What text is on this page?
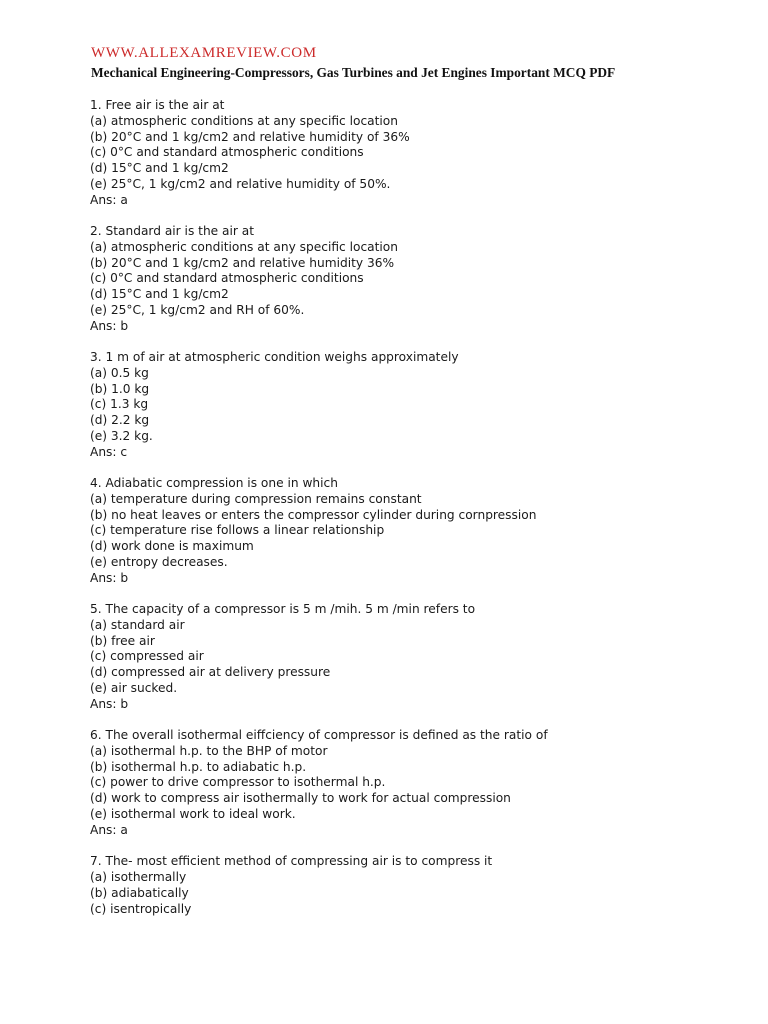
WWW.ALLEXAMREVIEW.COM
Mechanical Engineering-Compressors, Gas Turbines and Jet Engines Important MCQ PDF
1. Free air is the air at
(a) atmospheric conditions at any specific location
(b) 20°C and 1 kg/cm2 and relative humidity of 36%
(c) 0°C and standard atmospheric conditions
(d) 15°C and 1 kg/cm2
(e) 25°C, 1 kg/cm2 and relative humidity of 50%.
Ans: a
2. Standard air is the air at
(a) atmospheric conditions at any specific location
(b) 20°C and 1 kg/cm2 and relative humidity 36%
(c) 0°C and standard atmospheric conditions
(d) 15°C and 1 kg/cm2
(e) 25°C, 1 kg/cm2 and RH of 60%.
Ans: b
3. 1 m of air at atmospheric condition weighs approximately
(a) 0.5 kg
(b) 1.0 kg
(c) 1.3 kg
(d) 2.2 kg
(e) 3.2 kg.
Ans: c
4. Adiabatic compression is one in which
(a) temperature during compression remains constant
(b) no heat leaves or enters the compressor cylinder during cornpression
(c) temperature rise follows a linear relationship
(d) work done is maximum
(e) entropy decreases.
Ans: b
5. The capacity of a compressor is 5 m /mih. 5 m /min refers to
(a) standard air
(b) free air
(c) compressed air
(d) compressed air at delivery pressure
(e) air sucked.
Ans: b
6. The overall isothermal eiffciency of compressor is defined as the ratio of
(a) isothermal h.p. to the BHP of motor
(b) isothermal h.p. to adiabatic h.p.
(c) power to drive compressor to isothermal h.p.
(d) work to compress air isothermally to work for actual compression
(e) isothermal work to ideal work.
Ans: a
7. The- most efficient method of compressing air is to compress it
(a) isothermally
(b) adiabatically
(c) isentropically
